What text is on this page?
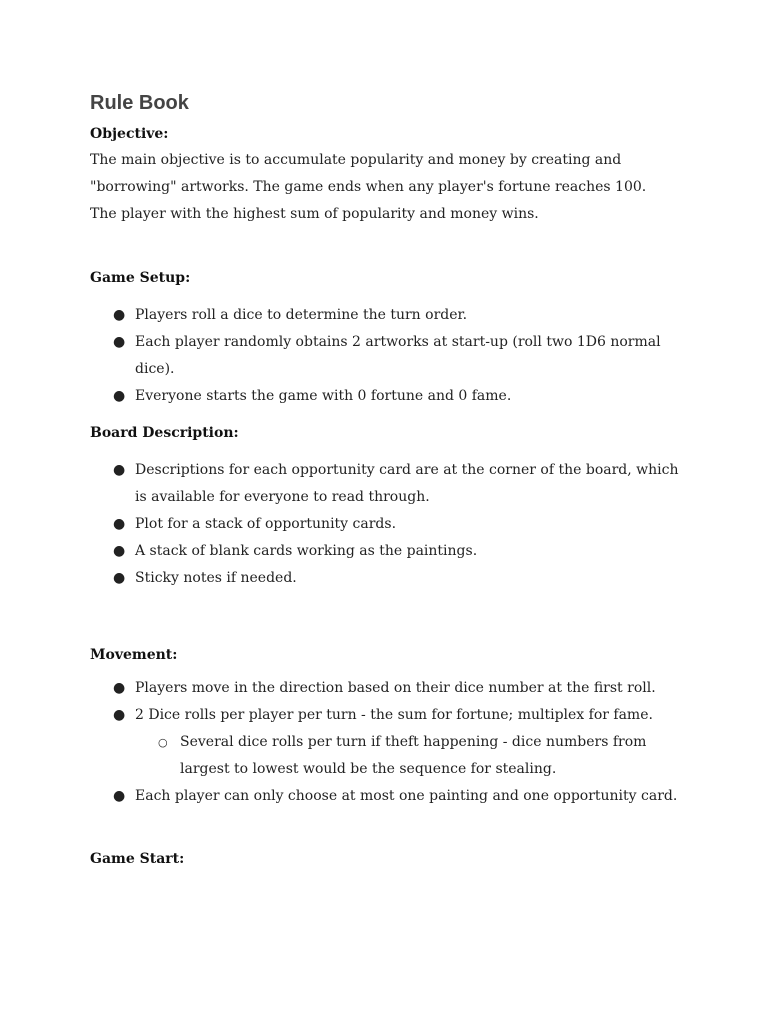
Rule Book

Objective:

The main objective is to accumulate popularity and money by creating and "borrowing" artworks. The game ends when any player's fortune reaches 100. The player with the highest sum of popularity and money wins.

Game Setup:

● Players roll a dice to determine the turn order.
● Each player randomly obtains 2 artworks at start-up (roll two 1D6 normal dice).
● Everyone starts the game with 0 fortune and 0 fame.

Board Description:

● Descriptions for each opportunity card are at the corner of the board, which is available for everyone to read through.
● Plot for a stack of opportunity cards.
● A stack of blank cards working as the paintings.
● Sticky notes if needed.

Movement:

● Players move in the direction based on their dice number at the first roll.
● 2 Dice rolls per player per turn - the sum for fortune; multiplex for fame.
○ Several dice rolls per turn if theft happening - dice numbers from largest to lowest would be the sequence for stealing.
● Each player can only choose at most one painting and one opportunity card.

Game Start:
